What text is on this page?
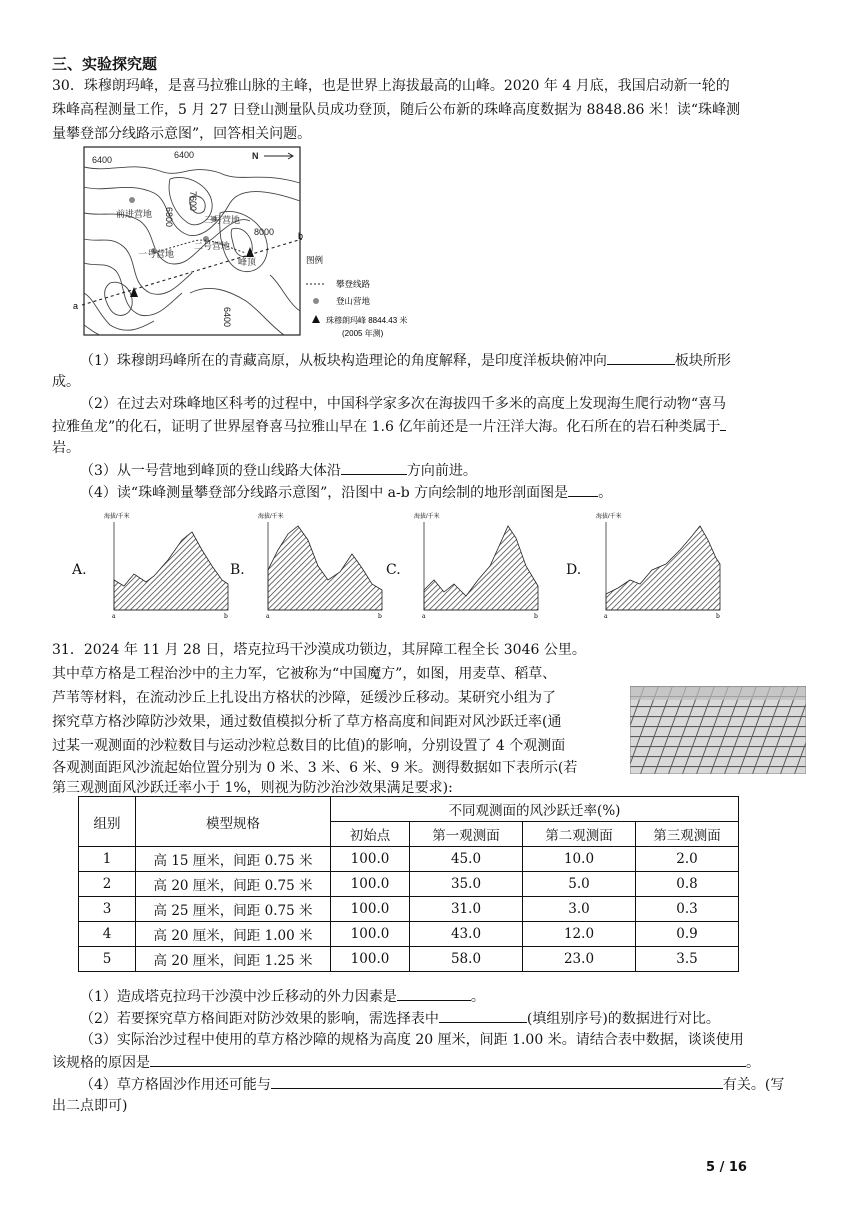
三、实验探究题
30．珠穆朗玛峰，是喜马拉雅山脉的主峰，也是世界上海拔最高的山峰。2020 年 4 月底，我国启动新一轮的
珠峰高程测量工作，5 月 27 日登山测量队员成功登顶，随后公布新的珠峰高度数据为 8848.86 米！读“珠峰测
量攀登部分线路示意图”，回答相关问题。
6400	6400
6800
7600
8000
6400
N
前进营地
三号营地
二号营地
一号营地
峰顶
a
b
图例
攀登线路
登山营地
珠穆朗玛峰 8844.43 米
(2005 年测)
（1）珠穆朗玛峰所在的青藏高原，从板块构造理论的角度解释，是印度洋板块俯冲向	板块所形
成。
（2）在过去对珠峰地区科考的过程中，中国科学家多次在海拔四千多米的高度上发现海生爬行动物“喜马
拉雅鱼龙”的化石，证明了世界屋脊喜马拉雅山早在 1.6 亿年前还是一片汪洋大海。化石所在的岩石种类属于
岩。
（3）从一号营地到峰顶的登山线路大体沿	方向前进。
（4）读“珠峰测量攀登部分线路示意图”，沿图中 a-b 方向绘制的地形剖面图是 。
A.	B.	C.	D.
海拔/千米
a	b
海拔/千米
a	b
海拔/千米
a	b
海拔/千米
a	b
31．2024 年 11 月 28 日，塔克拉玛干沙漠成功锁边，其屏障工程全长 3046 公里。
其中草方格是工程治沙中的主力军，它被称为“中国魔方”，如图，用麦草、稻草、
芦苇等材料，在流动沙丘上扎设出方格状的沙障，延缓沙丘移动。某研究小组为了
探究草方格沙障防沙效果，通过数值模拟分析了草方格高度和间距对风沙跃迁率(通
过某一观测面的沙粒数目与运动沙粒总数目的比值)的影响，分别设置了 4 个观测面
各观测面距风沙流起始位置分别为 0 米、3 米、6 米、9 米。测得数据如下表所示(若
第三观测面风沙跃迁率小于 1%，则视为防沙治沙效果满足要求):
组别	模型规格	不同观测面的风沙跃迁率(%)			
		初始点	第一观测面	第二观测面	第三观测面
1	高 15 厘米，间距 0.75 米	100.0	45.0	10.0	2.0
2	高 20 厘米，间距 0.75 米	100.0	35.0	5.0	0.8
3	高 25 厘米，间距 0.75 米	100.0	31.0	3.0	0.3
4	高 20 厘米，间距 1.00 米	100.0	43.0	12.0	0.9
5	高 20 厘米，间距 1.25 米	100.0	58.0	23.0	3.5
（1）造成塔克拉玛干沙漠中沙丘移动的外力因素是	。
（2）若要探究草方格间距对防沙效果的影响，需选择表中	(填组别序号)的数据进行对比。
（3）实际治沙过程中使用的草方格沙障的规格为高度 20 厘米，间距 1.00 米。请结合表中数据，谈谈使用
该规格的原因是	。
（4）草方格固沙作用还可能与	有关。(写
出二点即可)
5 / 16
